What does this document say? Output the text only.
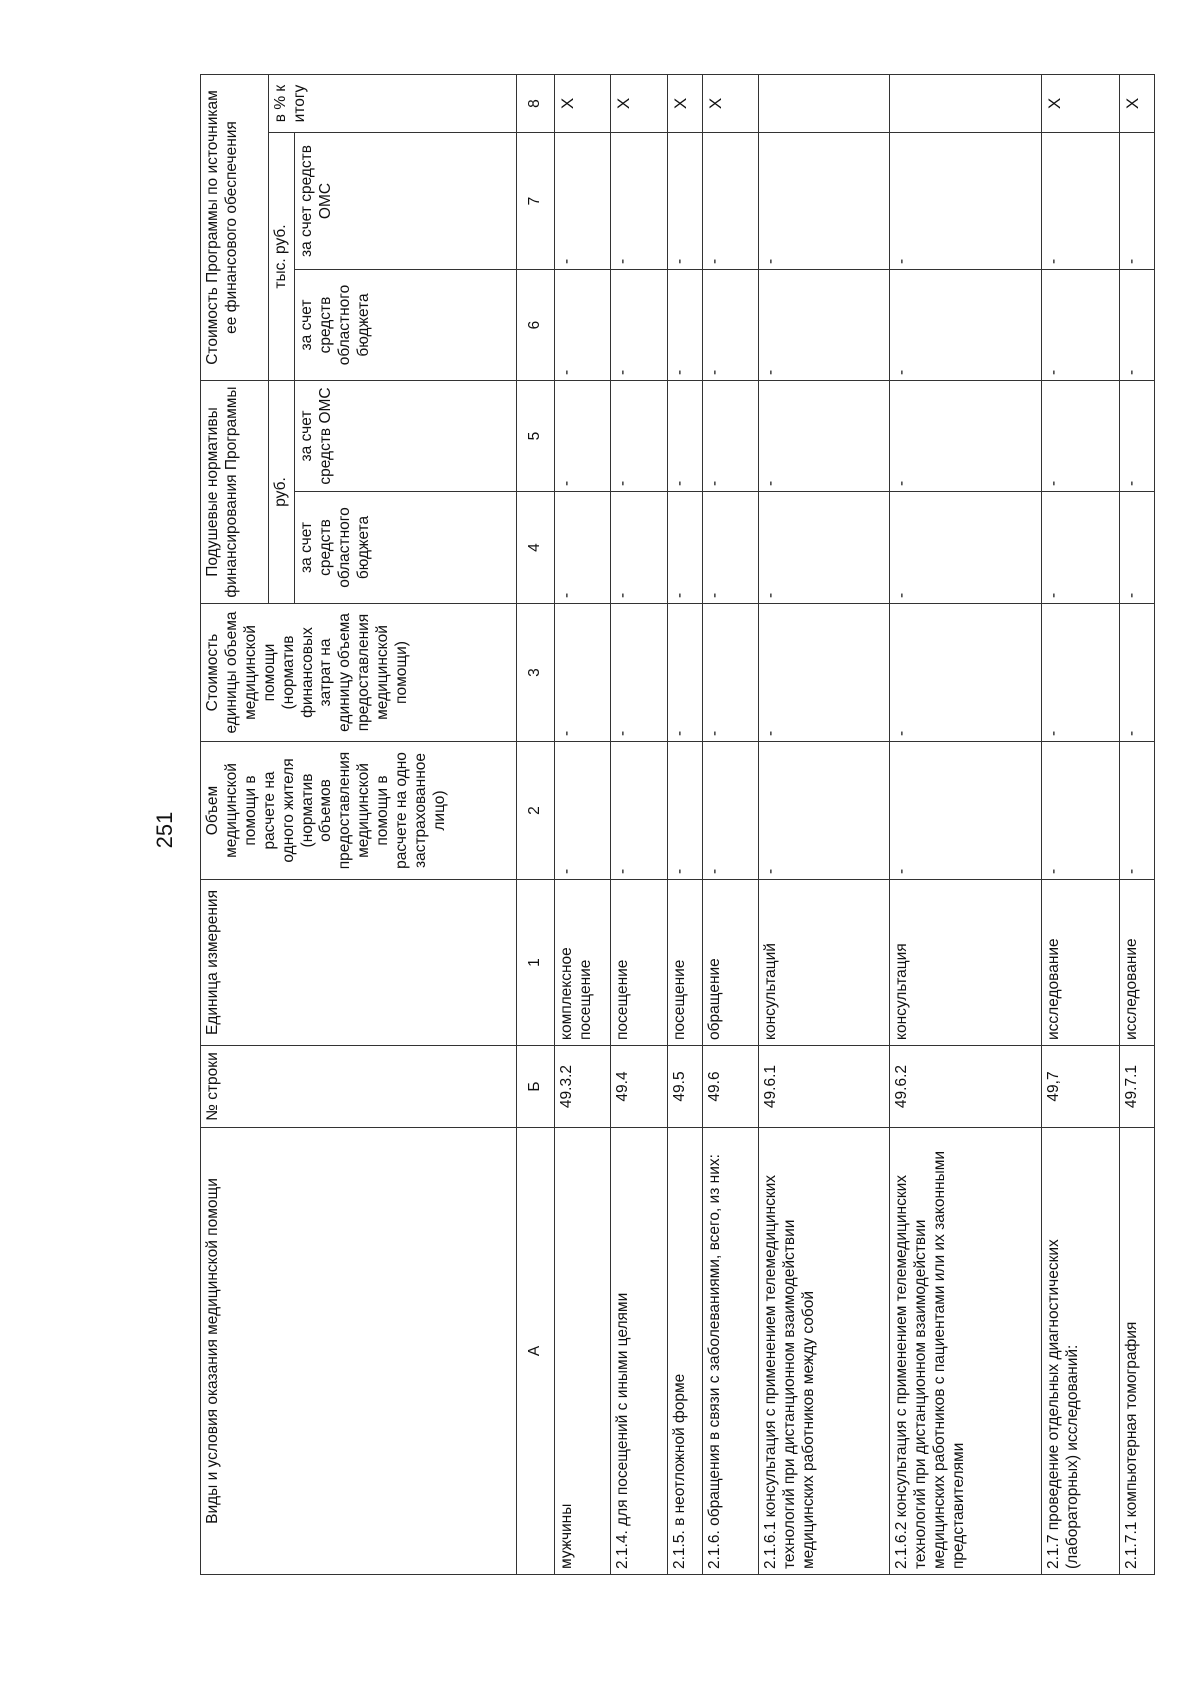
251
Виды и условия оказания медицинской помощи	№ строки	Единица измерения	Объем медицинской помощи в расчете на одного жителя (норматив объемов предоставления медицинской помощи в расчете на одно застрахованное лицо)	Стоимость единицы объема медицинской помощи (норматив финансовых затрат на единицу объема предоставления медицинской помощи)	Подушевые нормативы финансирования Программы		Стоимость Программы по источникам ее финансового обеспечения		
					руб.		тыс. руб.		в % к итогу
					за счет средств областного бюджета	за счет средств ОМС	за счет средств областного бюджета	за счет средств ОМС	
А	Б	1	2	3	4	5	6	7	8
мужчины	49.3.2	комплексное посещение	-	-	-	-	-	-	X
2.1.4. для посещений с иными целями	49.4	посещение	-	-	-	-	-	-	X
2.1.5. в неотложной форме	49.5	посещение	-	-	-	-	-	-	X
2.1.6. обращения в связи с заболеваниями, всего, из них:	49.6	обращение	-	-	-	-	-	-	X
2.1.6.1 консультация с применением телемедицинских технологий при дистанционном взаимодействии медицинских работников между собой	49.6.1	консультаций	-	-	-	-	-	-	
2.1.6.2 консультация с применением телемедицинских технологий при дистанционном взаимодействии медицинских работников с пациентами или их законными представителями	49.6.2	консультация	-	-	-	-	-	-	
2.1.7 проведение отдельных диагностических (лабораторных) исследований:	49,7	исследование	-	-	-	-	-	-	X
2.1.7.1 компьютерная томография	49.7.1	исследование	-	-	-	-	-	-	X
